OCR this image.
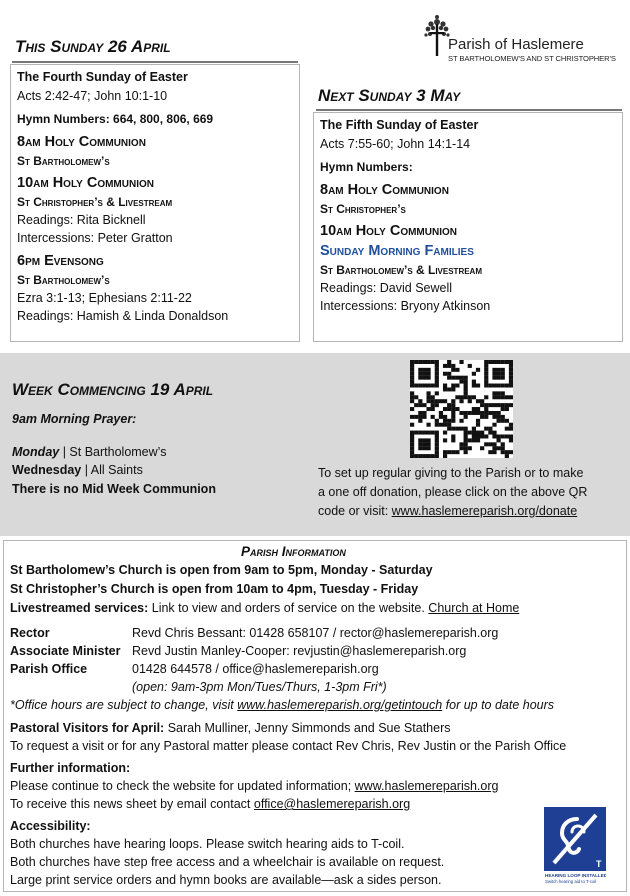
This Sunday 26 April
The Fourth Sunday of Easter
Acts 2:42-47; John 10:1-10
Hymn Numbers: 664, 800, 806, 669
8am Holy Communion
St Bartholomew’s
10am Holy Communion
St Christopher’s & Livestream
Readings: Rita Bicknell
Intercessions: Peter Gratton
6pm Evensong
St Bartholomew’s
Ezra 3:1-13; Ephesians 2:11-22
Readings: Hamish & Linda Donaldson
Parish of Haslemere
ST BARTHOLOMEW'S AND ST CHRISTOPHER'S
Next Sunday 3 May
The Fifth Sunday of Easter
Acts 7:55-60; John 14:1-14
Hymn Numbers:
8am Holy Communion
St Christopher’s
10am Holy Communion
Sunday Morning Families
St Bartholomew’s & Livestream
Readings: David Sewell
Intercessions: Bryony Atkinson
Week Commencing 19 April
9am Morning Prayer:
Monday | St Bartholomew’s
Wednesday | All Saints
There is no Mid Week Communion
To set up regular giving to the Parish or to make
a one off donation, please click on the above QR
code or visit: www.haslemereparish.org/donate
Parish Information
St Bartholomew’s Church is open from 9am to 5pm, Monday - Saturday
St Christopher’s Church is open from 10am to 4pm, Tuesday - Friday
Livestreamed services: Link to view and orders of service on the website. Church at Home
Rector	Revd Chris Bessant: 01428 658107 / rector@haslemereparish.org
Associate Minister Revd Justin Manley-Cooper: revjustin@haslemereparish.org
Parish Office	01428 644578 / office@haslemereparish.org
(open: 9am-3pm Mon/Tues/Thurs, 1-3pm Fri*)
*Office hours are subject to change, visit www.haslemereparish.org/getintouch for up to date hours
Pastoral Visitors for April: Sarah Mulliner, Jenny Simmonds and Sue Stathers
To request a visit or for any Pastoral matter please contact Rev Chris, Rev Justin or the Parish Office
Further information:
Please continue to check the website for updated information; www.haslemereparish.org
To receive this news sheet by email contact office@haslemereparish.org
Accessibility:
Both churches have hearing loops. Please switch hearing aids to T-coil.
Both churches have step free access and a wheelchair is available on request.
Large print service orders and hymn books are available—ask a sides person.
T
HEARING LOOP INSTALLED
Switch hearing aid to T-coil
